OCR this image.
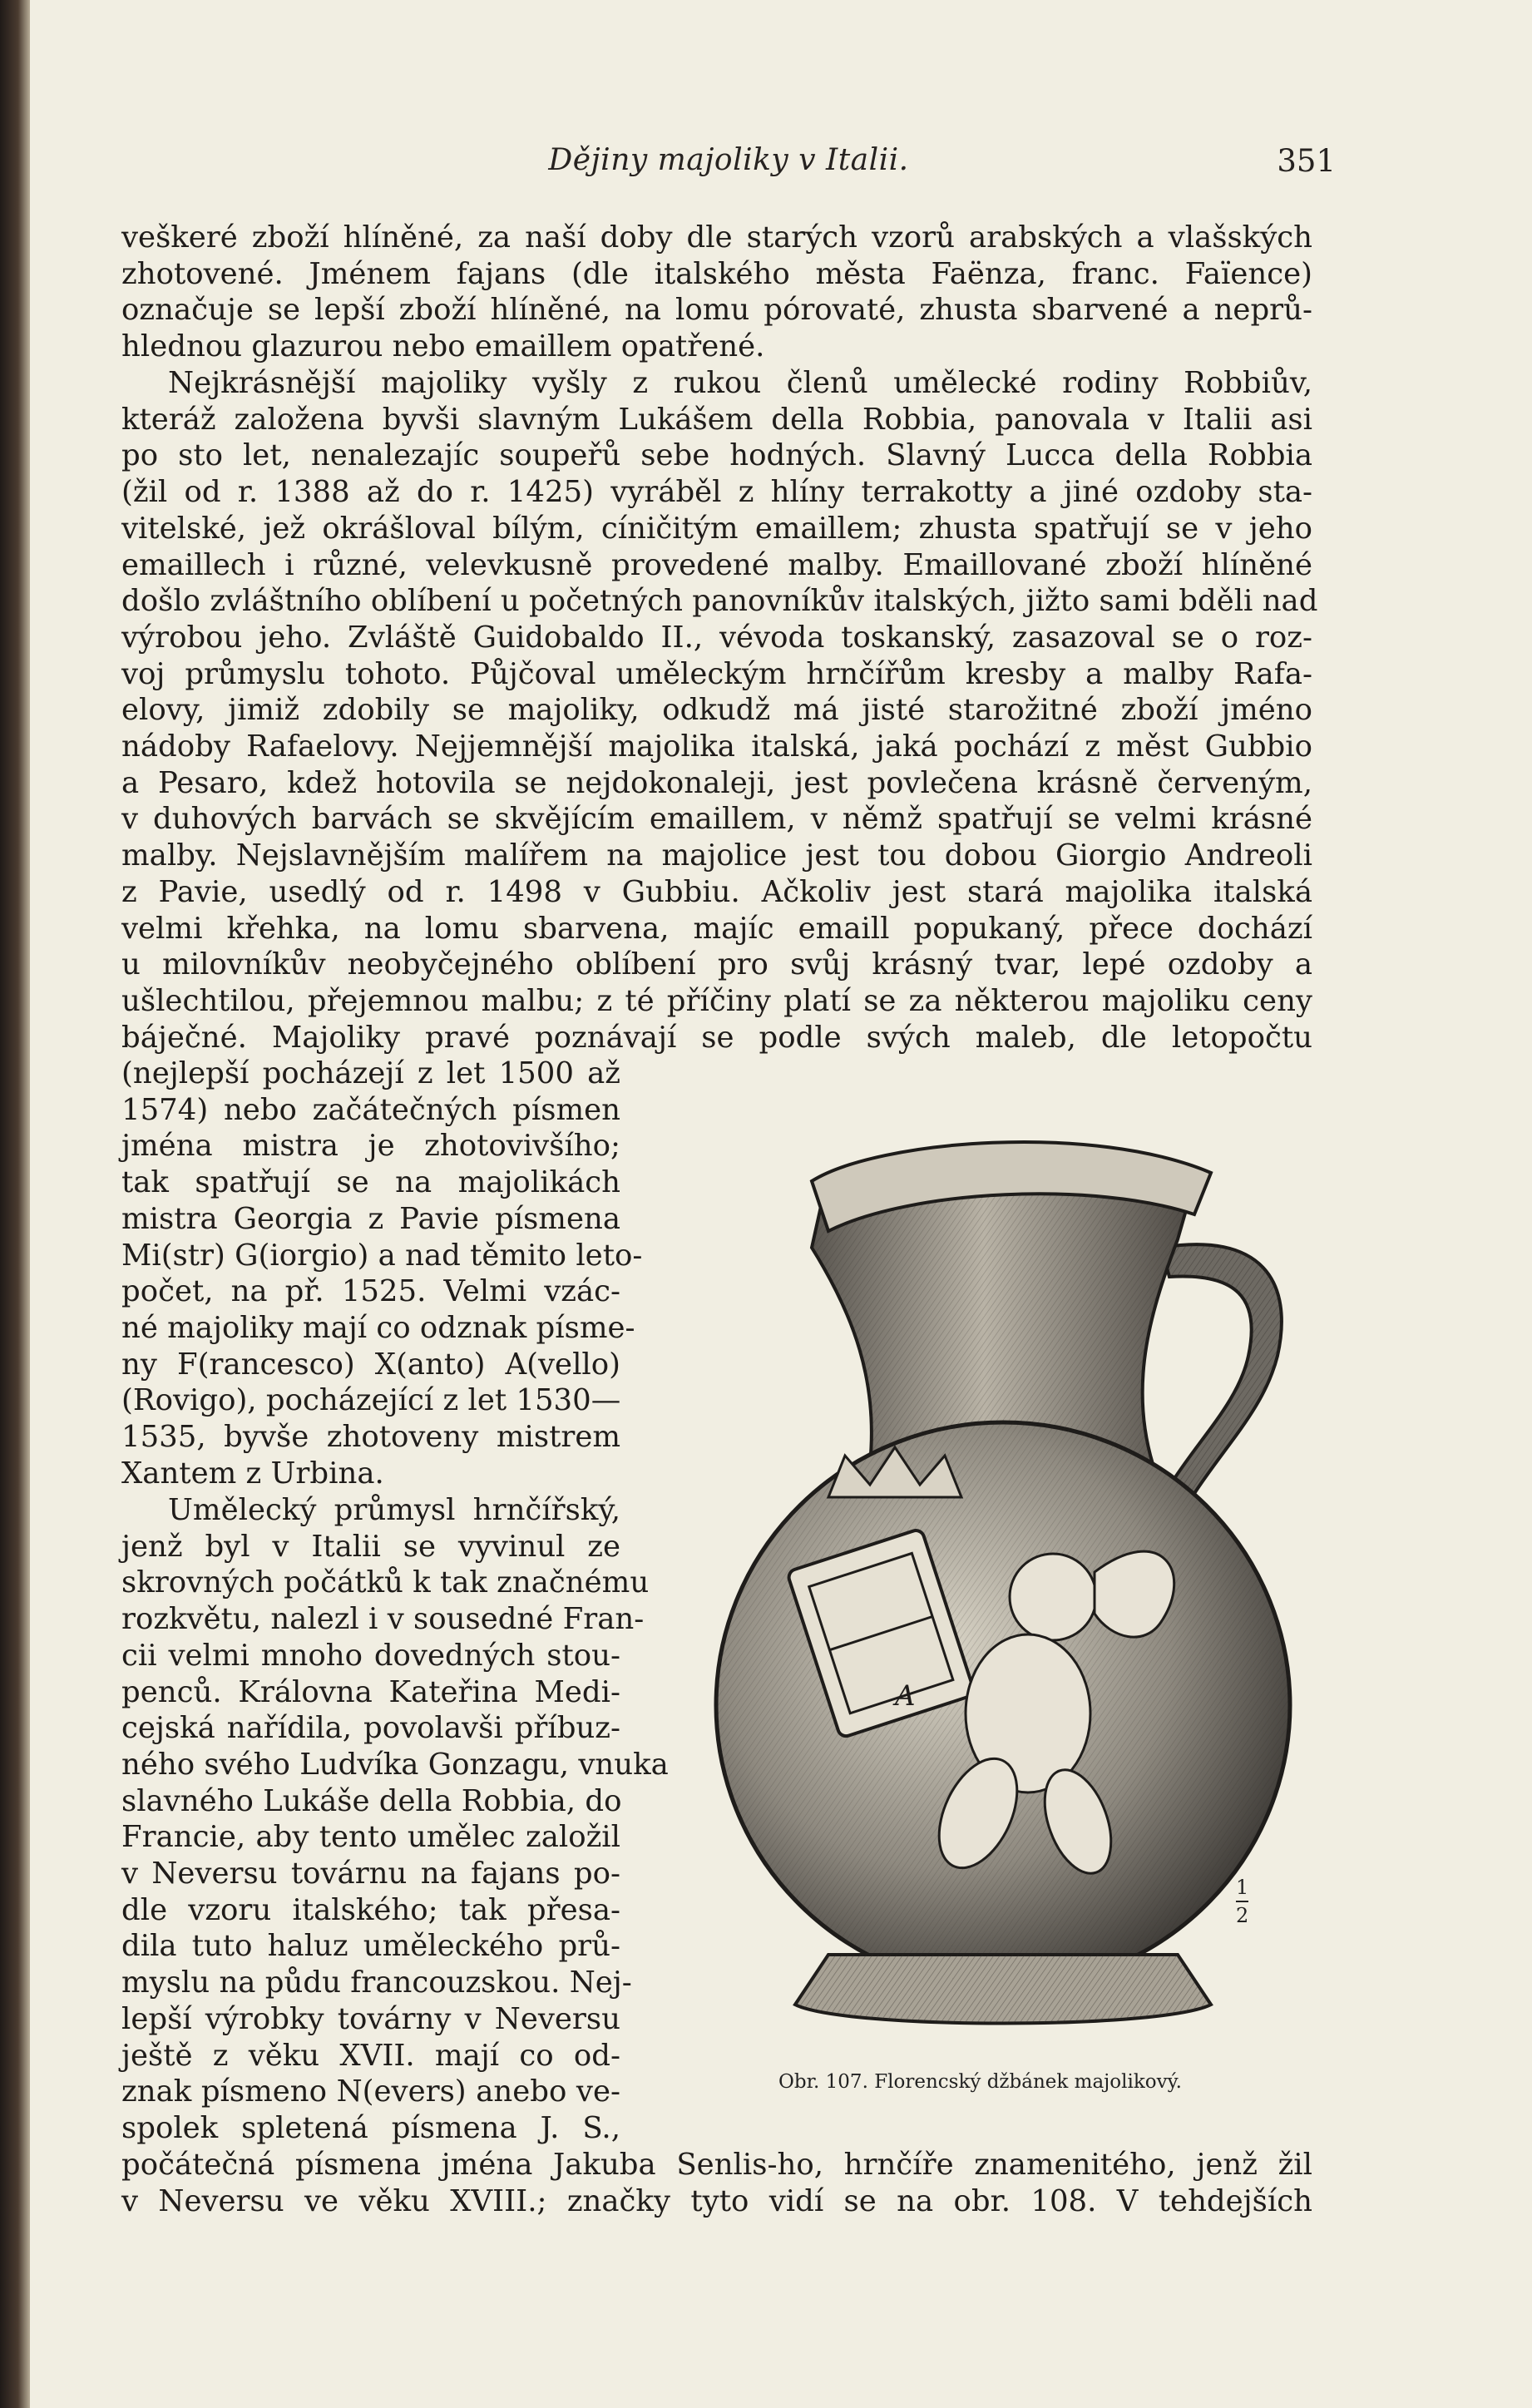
Dějiny majoliky v Italii.	351
veškeré zboží hlíněné, za naší doby dle starých vzorů arabských a vlašských
zhotovené. Jménem fajans (dle italského města Faënza, franc. Faïence)
označuje se lepší zboží hlíněné, na lomu pórovaté, zhusta sbarvené a neprů-
hlednou glazurou nebo emaillem opatřené.
Nejkrásnější majoliky vyšly z rukou členů umělecké rodiny Robbiův,
kteráž založena byvši slavným Lukášem della Robbia, panovala v Italii asi
po sto let, nenalezajíc soupeřů sebe hodných. Slavný Lucca della Robbia
(žil od r. 1388 až do r. 1425) vyráběl z hlíny terrakotty a jiné ozdoby sta-
vitelské, jež okrášloval bílým, cíničitým emaillem; zhusta spatřují se v jeho
emaillech i různé, velevkusně provedené malby. Emaillované zboží hlíněné
došlo zvláštního oblíbení u početných panovníkův italských, jižto sami bděli nad
výrobou jeho. Zvláště Guidobaldo II., vévoda toskanský, zasazoval se o roz-
voj průmyslu tohoto. Půjčoval uměleckým hrnčířům kresby a malby Rafa-
elovy, jimiž zdobily se majoliky, odkudž má jisté starožitné zboží jméno
nádoby Rafaelovy. Nejjemnější majolika italská, jaká pochází z měst Gubbio
a Pesaro, kdež hotovila se nejdokonaleji, jest povlečena krásně červeným,
v duhových barvách se skvějícím emaillem, v němž spatřují se velmi krásné
malby. Nejslavnějším malířem na majolice jest tou dobou Giorgio Andreoli
z Pavie, usedlý od r. 1498 v Gubbiu. Ačkoliv jest stará majolika italská
velmi křehka, na lomu sbarvena, majíc emaill popukaný, přece dochází
u milovníkův neobyčejného oblíbení pro svůj krásný tvar, lepé ozdoby a
ušlechtilou, přejemnou malbu; z té příčiny platí se za některou majoliku ceny
báječné. Majoliky pravé poznávají se podle svých maleb, dle letopočtu
(nejlepší pocházejí z let 1500 až
1574) nebo začátečných písmen
jména mistra je zhotovivšího;
tak spatřují se na majolikách
mistra Georgia z Pavie písmena
Mi(str) G(iorgio) a nad těmito leto-
počet, na př. 1525. Velmi vzác-
né majoliky mají co odznak písme-
ny F(rancesco) X(anto) A(vello)
(Rovigo), pocházející z let 1530—
1535, byvše zhotoveny mistrem
Xantem z Urbina.
Umělecký průmysl hrnčířský,
jenž byl v Italii se vyvinul ze
skrovných počátků k tak značnému
rozkvětu, nalezl i v sousedné Fran-
cii velmi mnoho dovedných stou-
penců. Královna Kateřina Medi-
cejská nařídila, povolavši příbuz-
ného svého Ludvíka Gonzagu, vnuka
slavného Lukáše della Robbia, do
Francie, aby tento umělec založil
v Neversu továrnu na fajans po-
dle vzoru italského; tak přesa-
dila tuto haluz uměleckého prů-
myslu na půdu francouzskou. Nej-
lepší výrobky továrny v Neversu
ještě z věku XVII. mají co od-
znak písmeno N(evers) anebo ve-
spolek spletená písmena J. S.,
počátečná písmena jména Jakuba Senlis-ho, hrnčíře znamenitého, jenž žil
v Neversu ve věku XVIII.; značky tyto vidí se na obr. 108. V tehdejších
A
1
2
Obr. 107. Florencský džbánek majolikový.
